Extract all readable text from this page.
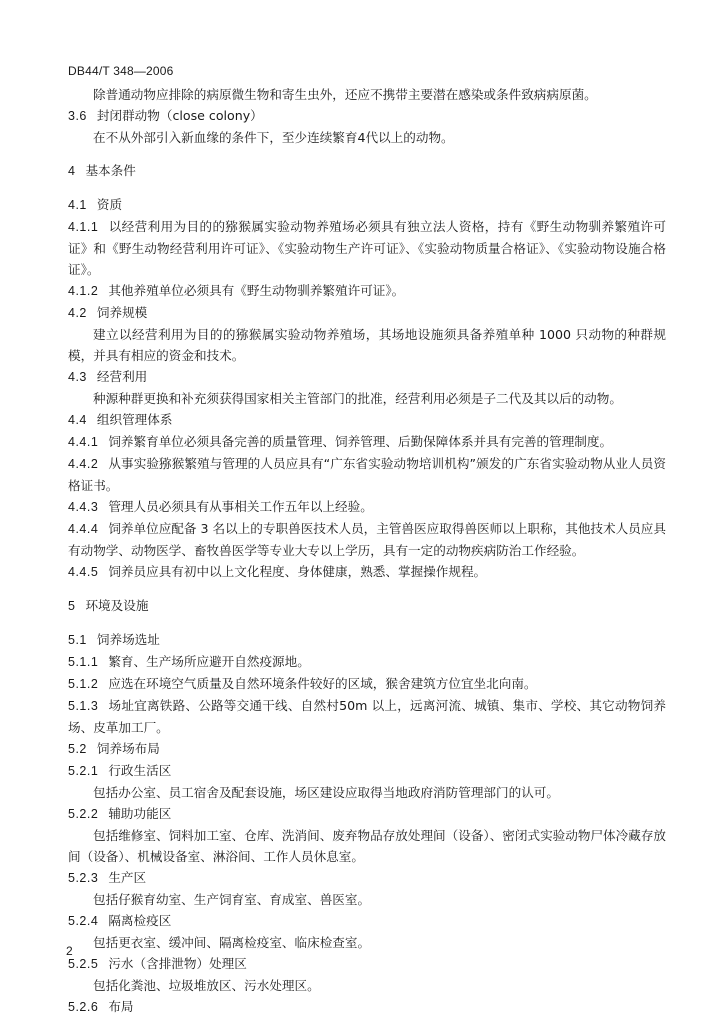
DB44/T 348—2006

除普通动物应排除的病原微生物和寄生虫外，还应不携带主要潜在感染或条件致病病原菌。

3.6 封闭群动物（close colony）

在不从外部引入新血缘的条件下，至少连续繁育4代以上的动物。

4 基本条件

4.1 资质

4.1.1 以经营利用为目的的猕猴属实验动物养殖场必须具有独立法人资格，持有《野生动物驯养繁殖许可证》和《野生动物经营利用许可证》、《实验动物生产许可证》、《实验动物质量合格证》、《实验动物设施合格证》。

4.1.2 其他养殖单位必须具有《野生动物驯养繁殖许可证》。

4.2 饲养规模

建立以经营利用为目的的猕猴属实验动物养殖场，其场地设施须具备养殖单种 1000 只动物的种群规模，并具有相应的资金和技术。

4.3 经营利用

种源种群更换和补充须获得国家相关主管部门的批准，经营利用必须是子二代及其以后的动物。

4.4 组织管理体系

4.4.1 饲养繁育单位必须具备完善的质量管理、饲养管理、后勤保障体系并具有完善的管理制度。

4.4.2 从事实验猕猴繁殖与管理的人员应具有“广东省实验动物培训机构”颁发的广东省实验动物从业人员资格证书。

4.4.3 管理人员必须具有从事相关工作五年以上经验。

4.4.4 饲养单位应配备 3 名以上的专职兽医技术人员，主管兽医应取得兽医师以上职称，其他技术人员应具有动物学、动物医学、畜牧兽医学等专业大专以上学历，具有一定的动物疾病防治工作经验。

4.4.5 饲养员应具有初中以上文化程度、身体健康，熟悉、掌握操作规程。

5 环境及设施

5.1 饲养场选址

5.1.1 繁育、生产场所应避开自然疫源地。

5.1.2 应选在环境空气质量及自然环境条件较好的区域，猴舍建筑方位宜坐北向南。

5.1.3 场址宜离铁路、公路等交通干线、自然村50m 以上，远离河流、城镇、集市、学校、其它动物饲养场、皮革加工厂。

5.2 饲养场布局

5.2.1 行政生活区

包括办公室、员工宿舍及配套设施，场区建设应取得当地政府消防管理部门的认可。

5.2.2 辅助功能区

包括维修室、饲料加工室、仓库、洗消间、废弃物品存放处理间（设备）、密闭式实验动物尸体冷藏存放间（设备）、机械设备室、淋浴间、工作人员休息室。

5.2.3 生产区

包括仔猴育幼室、生产饲育室、育成室、兽医室。

5.2.4 隔离检疫区

包括更衣室、缓冲间、隔离检疫室、临床检查室。

5.2.5 污水（含排泄物）处理区

包括化粪池、垃圾堆放区、污水处理区。

5.2.6 布局

2
